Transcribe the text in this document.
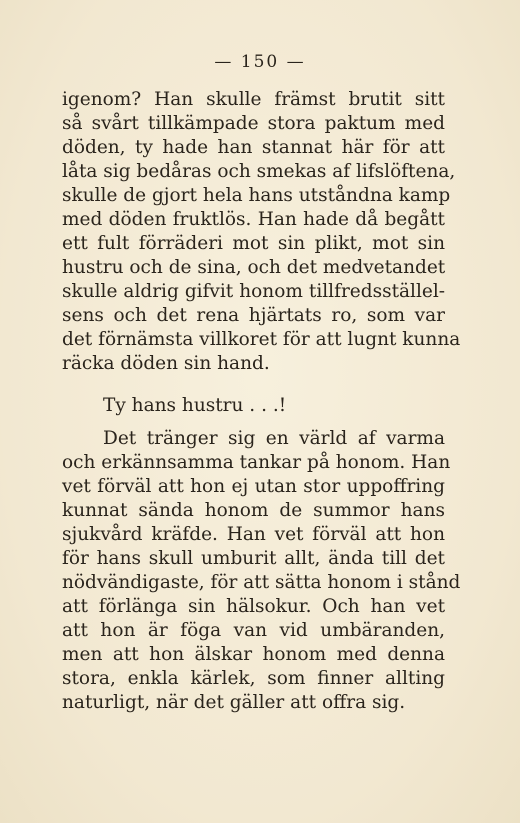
— 150 —
igenom? Han skulle främst brutit sitt
så svårt tillkämpade stora paktum med
döden, ty hade han stannat här för att
låta sig bedåras och smekas af lifslöftena,
skulle de gjort hela hans utståndna kamp
med döden fruktlös. Han hade då begått
ett fult förräderi mot sin plikt, mot sin
hustru och de sina, och det medvetandet
skulle aldrig gifvit honom tillfredsställel-
sens och det rena hjärtats ro, som var
det förnämsta villkoret för att lugnt kunna
räcka döden sin hand.
Ty hans hustru . . .!
Det tränger sig en värld af varma
och erkännsamma tankar på honom. Han
vet förväl att hon ej utan stor uppoffring
kunnat sända honom de summor hans
sjukvård kräfde. Han vet förväl att hon
för hans skull umburit allt, ända till det
nödvändigaste, för att sätta honom i stånd
att förlänga sin hälsokur. Och han vet
att hon är föga van vid umbäranden,
men att hon älskar honom med denna
stora, enkla kärlek, som finner allting
naturligt, när det gäller att offra sig.
